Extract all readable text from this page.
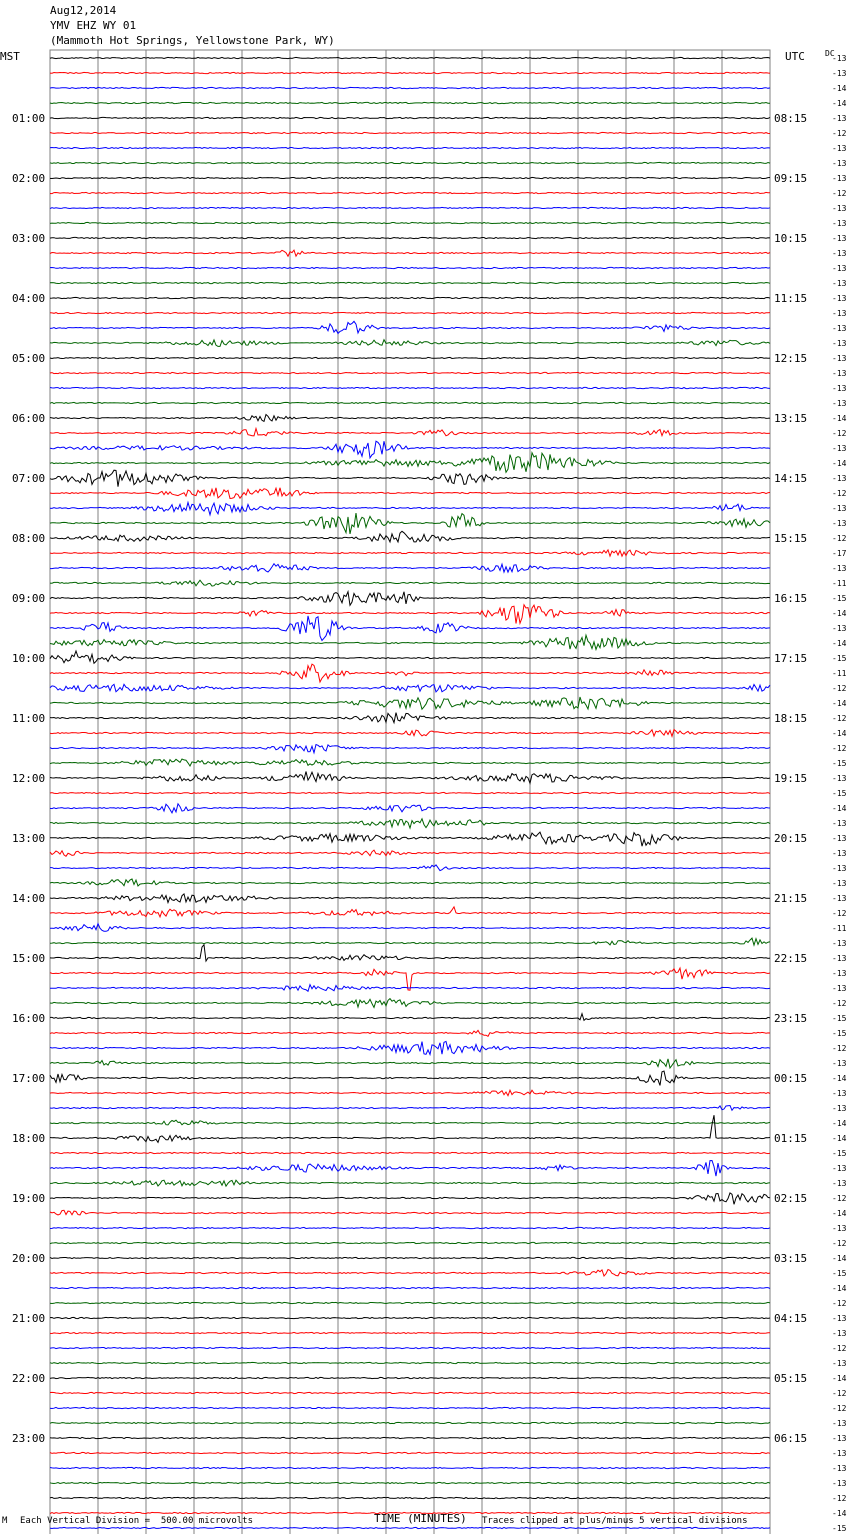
Aug12,2014
YMV EHZ WY 01
(Mammoth Hot Springs, Yellowstone Park, WY)
MST	UTC	DC
-13
-13
-14
-14
-13
-12
-13
-13
-13
-12
-13
-13
-13
-13
-13
-13
-13
-13
-13
-13
-13
-13
-13
-13
-14
-12
-13
-14
-13
-12
-13
-13
-12
-17
-13
-11
-15
-14
-13
-14
-15
-11
-12
-14
-12
-14
-12
-15
-13
-15
-14
-13
-13
-13
-13
-13
-13
-12
-11
-13
-13
-13
-13
-12
-15
-15
-12
-13
-14
-13
-13
-14
-14
-15
-13
-13
-12
-14
-13
-12
-14
-15
-14
-12
-13
-13
-12
-13
-14
-12
-12
-13
-13
-13
-13
-13
-12
-14
-15
01:00	08:15
02:00	09:15
03:00	10:15
04:00	11:15
05:00	12:15
06:00	13:15
07:00	14:15
08:00	15:15
09:00	16:15
10:00	17:15
11:00	18:15
12:00	19:15
13:00	20:15
14:00	21:15
15:00	22:15
16:00	23:15
17:00	00:15
18:00	01:15
19:00	02:15
20:00	03:15
21:00	04:15
22:00	05:15
23:00	06:15
TIME (MINUTES)
M Each Vertical Division =  500.00 microvolts	Traces clipped at plus/minus 5 vertical divisions
